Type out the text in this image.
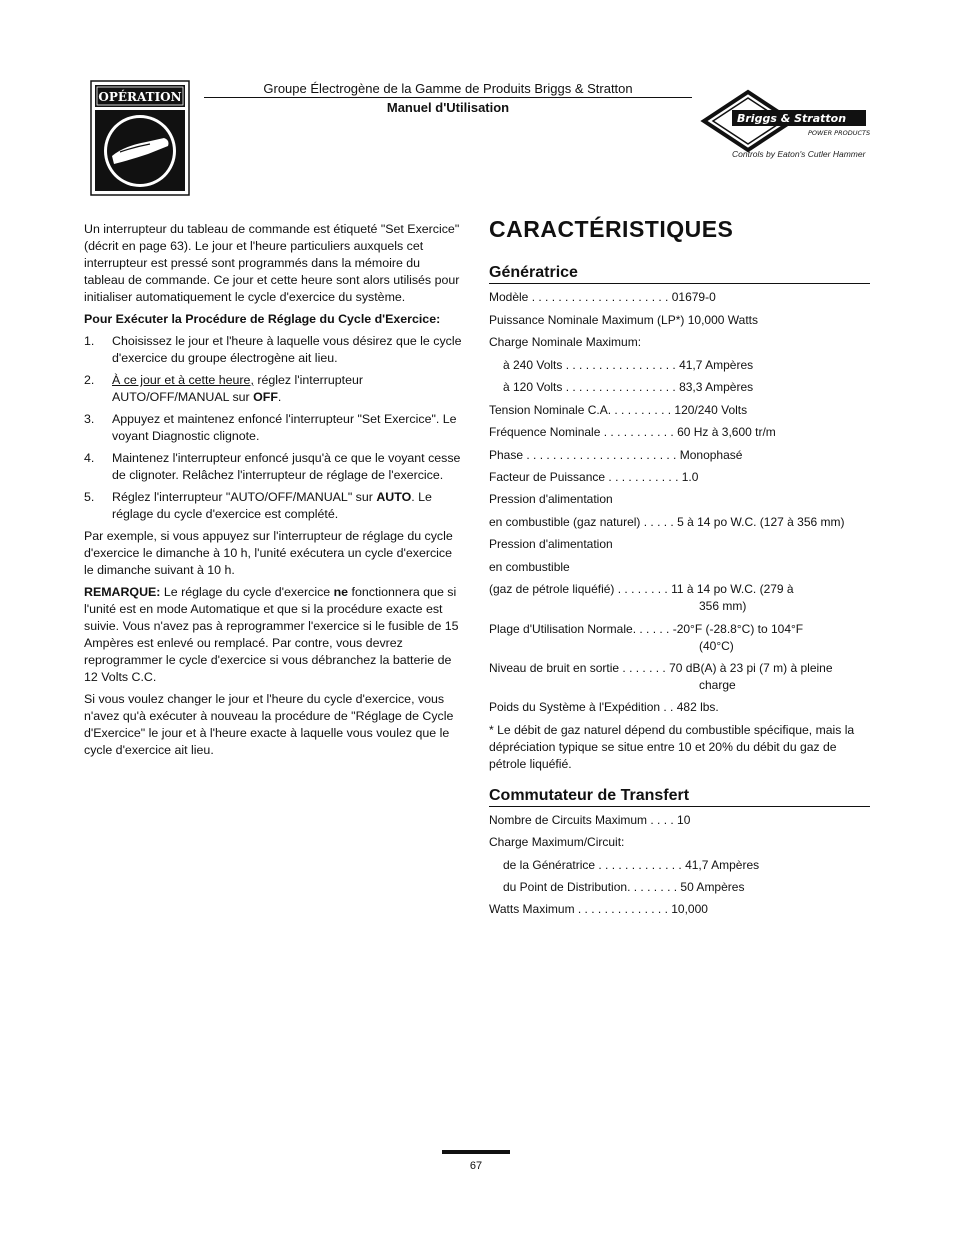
OPÉRATION
Groupe Électrogène de la Gamme de Produits Briggs & Stratton
Manuel d'Utilisation
Briggs & Stratton
POWER PRODUCTS
Controls by Eaton's Cutler Hammer

Un interrupteur du tableau de commande est étiqueté "Set Exercice" (décrit en page 63). Le jour et l'heure particuliers auxquels cet interrupteur est pressé sont programmés dans la mémoire du tableau de commande. Ce jour et cette heure sont alors utilisés pour initialiser automatiquement le cycle d'exercice du système.

Pour Exécuter la Procédure de Réglage du Cycle d'Exercice:

1. Choisissez le jour et l'heure à laquelle vous désirez que le cycle d'exercice du groupe électrogène ait lieu.
2. À ce jour et à cette heure, réglez l'interrupteur AUTO/OFF/MANUAL sur OFF.
3. Appuyez et maintenez enfoncé l'interrupteur "Set Exercice". Le voyant Diagnostic clignote.
4. Maintenez l'interrupteur enfoncé jusqu'à ce que le voyant cesse de clignoter. Relâchez l'interrupteur de réglage de l'exercice.
5. Réglez l'interrupteur "AUTO/OFF/MANUAL" sur AUTO. Le réglage du cycle d'exercice est complété.

Par exemple, si vous appuyez sur l'interrupteur de réglage du cycle d'exercice le dimanche à 10 h, l'unité exécutera un cycle d'exercice le dimanche suivant à 10 h.

REMARQUE: Le réglage du cycle d'exercice ne fonctionnera que si l'unité est en mode Automatique et que si la procédure exacte est suivie. Vous n'avez pas à reprogrammer l'exercice si le fusible de 15 Ampères est enlevé ou remplacé. Par contre, vous devrez reprogrammer le cycle d'exercice si vous débranchez la batterie de 12 Volts C.C.

Si vous voulez changer le jour et l'heure du cycle d'exercice, vous n'avez qu'à exécuter à nouveau la procédure de "Réglage de Cycle d'Exercice" le jour et à l'heure exacte à laquelle vous voulez que le cycle d'exercice ait lieu.

CARACTÉRISTIQUES
Génératrice
Modèle . . . . . . . . . . . . . . . . . . . . . 01679-0
Puissance Nominale Maximum (LP*) 10,000 Watts
Charge Nominale Maximum:
à 240 Volts . . . . . . . . . . . . . . . . . 41,7 Ampères
à 120 Volts . . . . . . . . . . . . . . . . . 83,3 Ampères
Tension Nominale C.A. . . . . . . . . . 120/240 Volts
Fréquence Nominale . . . . . . . . . . . 60 Hz à 3,600 tr/m
Phase . . . . . . . . . . . . . . . . . . . . . . . Monophasé
Facteur de Puissance . . . . . . . . . . . 1.0
Pression d'alimentation
en combustible (gaz naturel) . . . . . 5 à 14 po W.C. (127 à 356 mm)
Pression d'alimentation
en combustible
(gaz de pétrole liquéfié) . . . . . . . . 11 à 14 po W.C. (279 à
356 mm)
Plage d'Utilisation Normale. . . . . . -20°F (-28.8°C) to 104°F
(40°C)
Niveau de bruit en sortie . . . . . . . 70 dB(A) à 23 pi (7 m) à pleine
charge
Poids du Système à l'Expédition . . 482 lbs.
* Le débit de gaz naturel dépend du combustible spécifique, mais la dépréciation typique se situe entre 10 et 20% du débit du gaz de pétrole liquéfié.
Commutateur de Transfert
Nombre de Circuits Maximum . . . . 10
Charge Maximum/Circuit:
de la Génératrice . . . . . . . . . . . . . 41,7 Ampères
du Point de Distribution. . . . . . . . 50 Ampères
Watts Maximum . . . . . . . . . . . . . . 10,000
67
